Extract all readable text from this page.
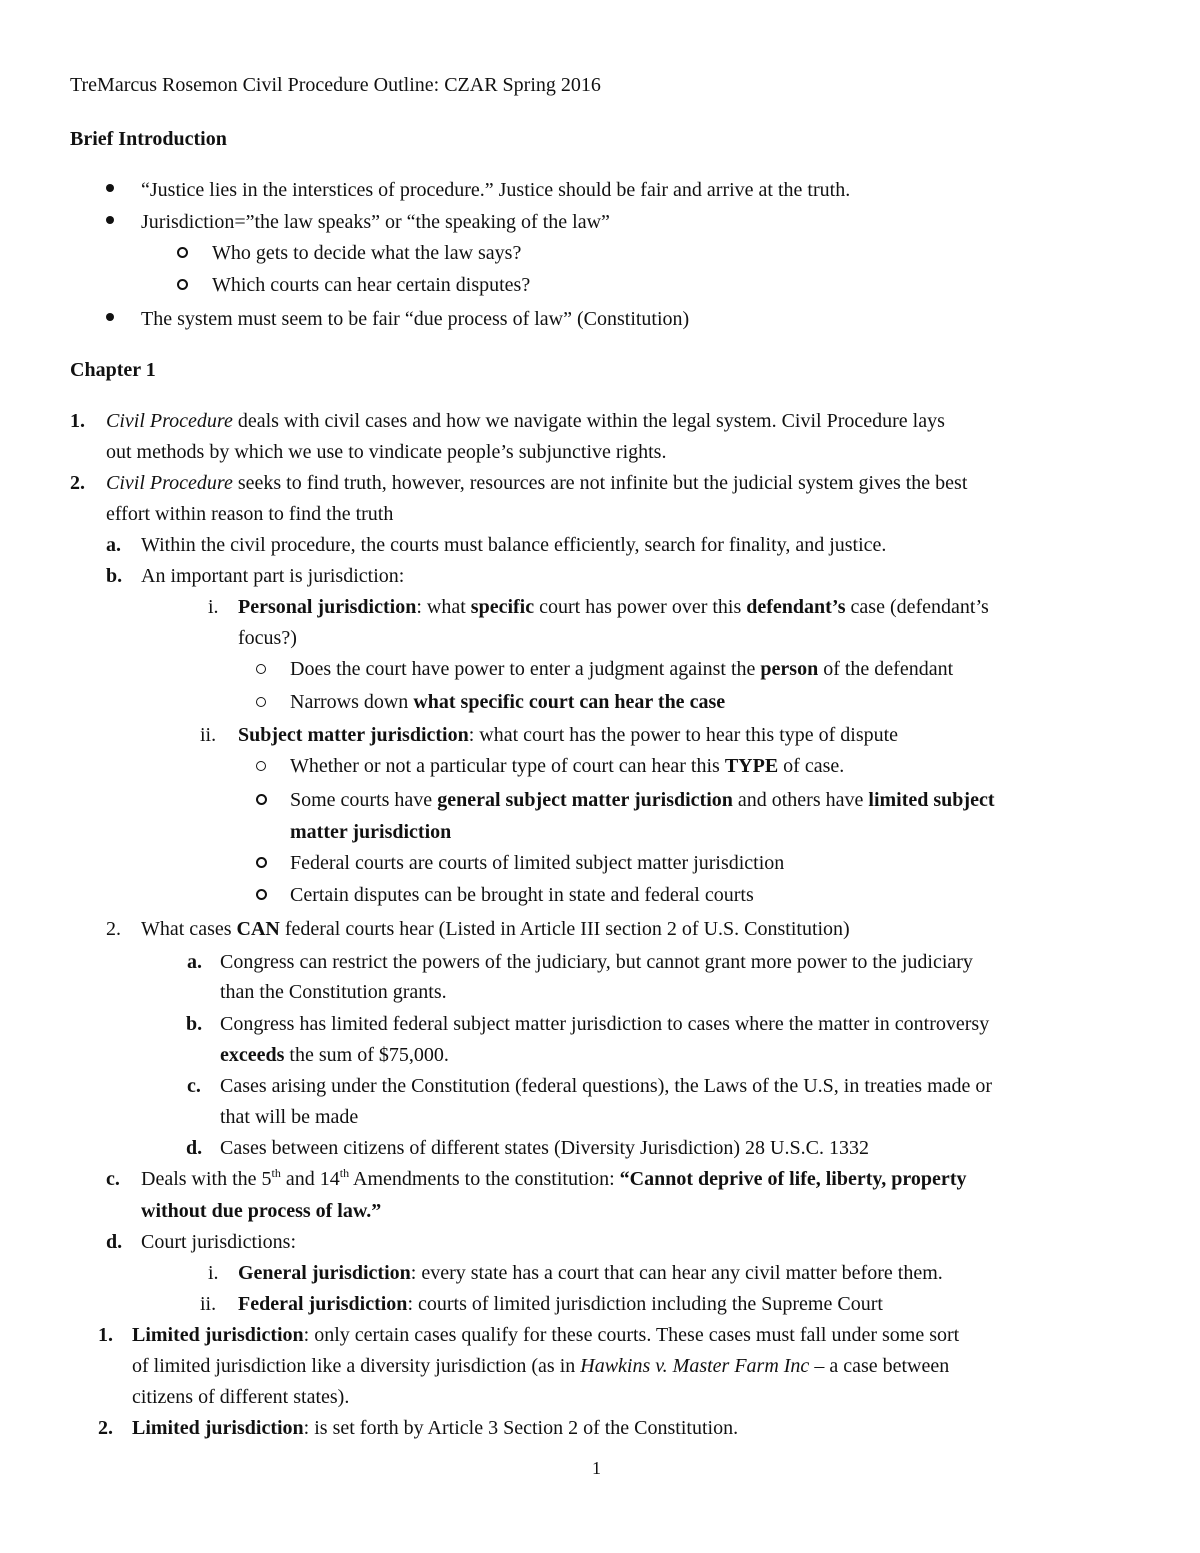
TreMarcus Rosemon Civil Procedure Outline: CZAR Spring 2016
Brief Introduction
“Justice lies in the interstices of procedure.” Justice should be fair and arrive at the truth.
Jurisdiction=”the law speaks” or “the speaking of the law”
Who gets to decide what the law says?
Which courts can hear certain disputes?
The system must seem to be fair “due process of law” (Constitution)
Chapter 1
1. Civil Procedure deals with civil cases and how we navigate within the legal system. Civil Procedure lays
out methods by which we use to vindicate people’s subjunctive rights.
2. Civil Procedure seeks to find truth, however, resources are not infinite but the judicial system gives the best
effort within reason to find the truth
a. Within the civil procedure, the courts must balance efficiently, search for finality, and justice.
b. An important part is jurisdiction:
i. Personal jurisdiction: what specific court has power over this defendant’s case (defendant’s
focus?)
Does the court have power to enter a judgment against the person of the defendant
Narrows down what specific court can hear the case
ii. Subject matter jurisdiction: what court has the power to hear this type of dispute
Whether or not a particular type of court can hear this TYPE of case.
Some courts have general subject matter jurisdiction and others have limited subject
matter jurisdiction
Federal courts are courts of limited subject matter jurisdiction
Certain disputes can be brought in state and federal courts
2. What cases CAN federal courts hear (Listed in Article III section 2 of U.S. Constitution)
a. Congress can restrict the powers of the judiciary, but cannot grant more power to the judiciary
than the Constitution grants.
b. Congress has limited federal subject matter jurisdiction to cases where the matter in controversy
exceeds the sum of $75,000.
c. Cases arising under the Constitution (federal questions), the Laws of the U.S, in treaties made or
that will be made
d. Cases between citizens of different states (Diversity Jurisdiction) 28 U.S.C. 1332
c. Deals with the 5th and 14th Amendments to the constitution: “Cannot deprive of life, liberty, property
without due process of law.”
d. Court jurisdictions:
i. General jurisdiction: every state has a court that can hear any civil matter before them.
ii. Federal jurisdiction: courts of limited jurisdiction including the Supreme Court
1. Limited jurisdiction: only certain cases qualify for these courts. These cases must fall under some sort
of limited jurisdiction like a diversity jurisdiction (as in Hawkins v. Master Farm Inc – a case between
citizens of different states).
2. Limited jurisdiction: is set forth by Article 3 Section 2 of the Constitution.
1
